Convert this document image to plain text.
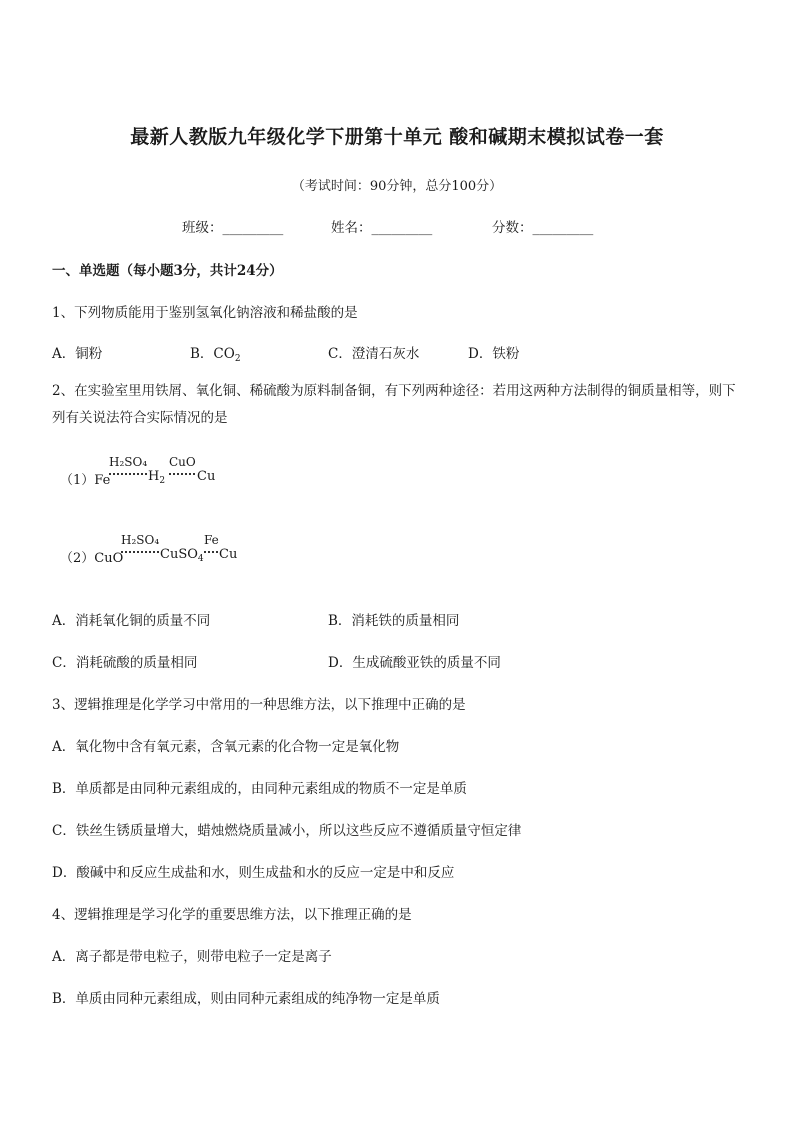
最新人教版九年级化学下册第十单元 酸和碱期末模拟试卷一套
（考试时间：90分钟，总分100分）
班级：_________	姓名：_________	分数：_________
一、单选题（每小题3分，共计24分）
1、下列物质能用于鉴别氢氧化钠溶液和稀盐酸的是
A．铜粉	B．$CO_2$	C．澄清石灰水	D．铁粉
2、在实验室里用铁屑、氧化铜、稀硫酸为原料制备铜，有下列两种途径：若用这两种方法制得的铜质量相等，则下列有关说法符合实际情况的是
（1）Fe
H₂SO₄
$H_2$
CuO
Cu
（2）CuO
H₂SO₄
CuSO$_4$
Fe
Cu
A．消耗氧化铜的质量不同	B．消耗铁的质量相同
C．消耗硫酸的质量相同	D．生成硫酸亚铁的质量不同
3、逻辑推理是化学学习中常用的一种思维方法，以下推理中正确的是
A．氧化物中含有氧元素，含氧元素的化合物一定是氧化物
B．单质都是由同种元素组成的，由同种元素组成的物质不一定是单质
C．铁丝生锈质量增大，蜡烛燃烧质量减小，所以这些反应不遵循质量守恒定律
D．酸碱中和反应生成盐和水，则生成盐和水的反应一定是中和反应
4、逻辑推理是学习化学的重要思维方法，以下推理正确的是
A．离子都是带电粒子，则带电粒子一定是离子
B．单质由同种元素组成，则由同种元素组成的纯净物一定是单质
